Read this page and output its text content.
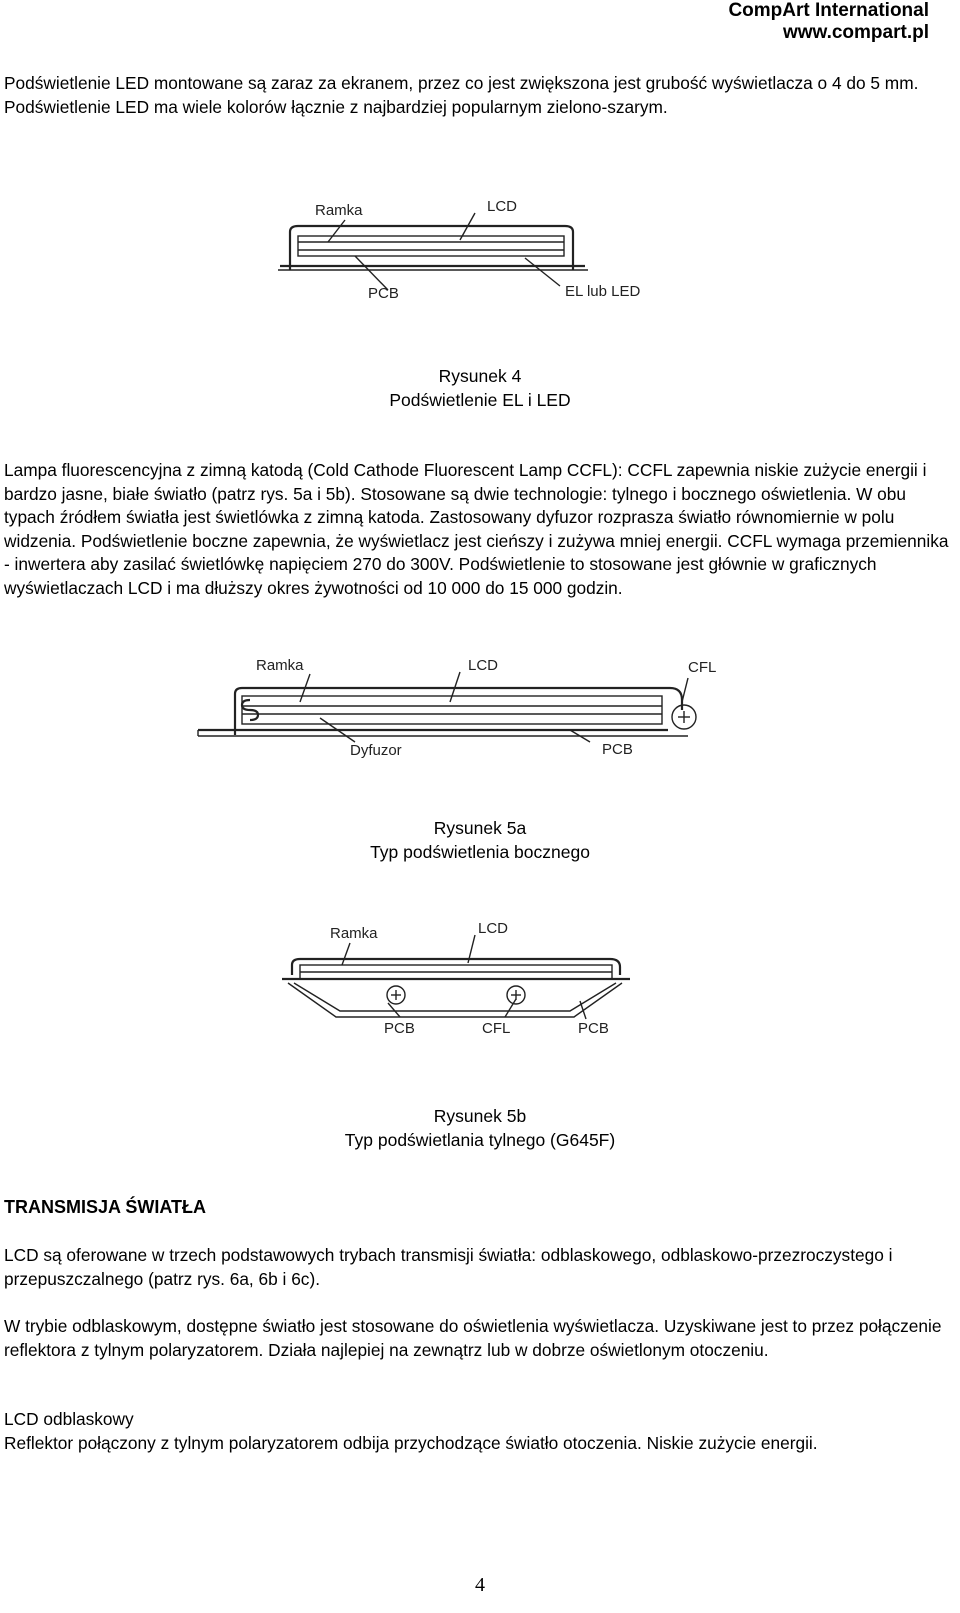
CompArt International
www.compart.pl
Podświetlenie LED montowane są zaraz za ekranem, przez co jest zwiększona jest grubość wyświetlacza o 4 do 5 mm. Podświetlenie LED ma wiele kolorów łącznie z najbardziej popularnym zielono-szarym.
Ramka	LCD
PCB	EL lub LED
Rysunek 4
Podświetlenie EL i LED
Lampa fluorescencyjna z zimną katodą (Cold Cathode Fluorescent Lamp CCFL): CCFL zapewnia niskie zużycie energii i bardzo jasne, białe światło (patrz rys. 5a i 5b). Stosowane są dwie technologie: tylnego i bocznego oświetlenia. W obu typach źródłem światła jest świetlówka z zimną katoda. Zastosowany dyfuzor rozprasza światło równomiernie w polu widzenia. Podświetlenie boczne zapewnia, że wyświetlacz jest cieńszy i zużywa mniej energii. CCFL wymaga przemiennika - inwertera aby zasilać świetlówkę napięciem 270 do 300V. Podświetlenie to stosowane jest głównie w graficznych wyświetlaczach LCD i ma dłuższy okres żywotności od 10 000 do 15 000 godzin.
Ramka	LCD	CFL
Dyfuzor	PCB
Rysunek 5a
Typ podświetlenia bocznego
Ramka	LCD
PCB	CFL	PCB
Rysunek 5b
Typ podświetlania tylnego (G645F)
TRANSMISJA ŚWIATŁA
LCD są oferowane w trzech podstawowych trybach transmisji światła: odblaskowego, odblaskowo-przezroczystego i przepuszczalnego (patrz rys. 6a, 6b i 6c).
W trybie odblaskowym, dostępne światło jest stosowane do oświetlenia wyświetlacza. Uzyskiwane jest to przez połączenie reflektora z tylnym polaryzatorem. Działa najlepiej na zewnątrz lub w dobrze oświetlonym otoczeniu.
LCD odblaskowy
Reflektor połączony z tylnym polaryzatorem odbija przychodzące światło otoczenia. Niskie zużycie energii.
4
